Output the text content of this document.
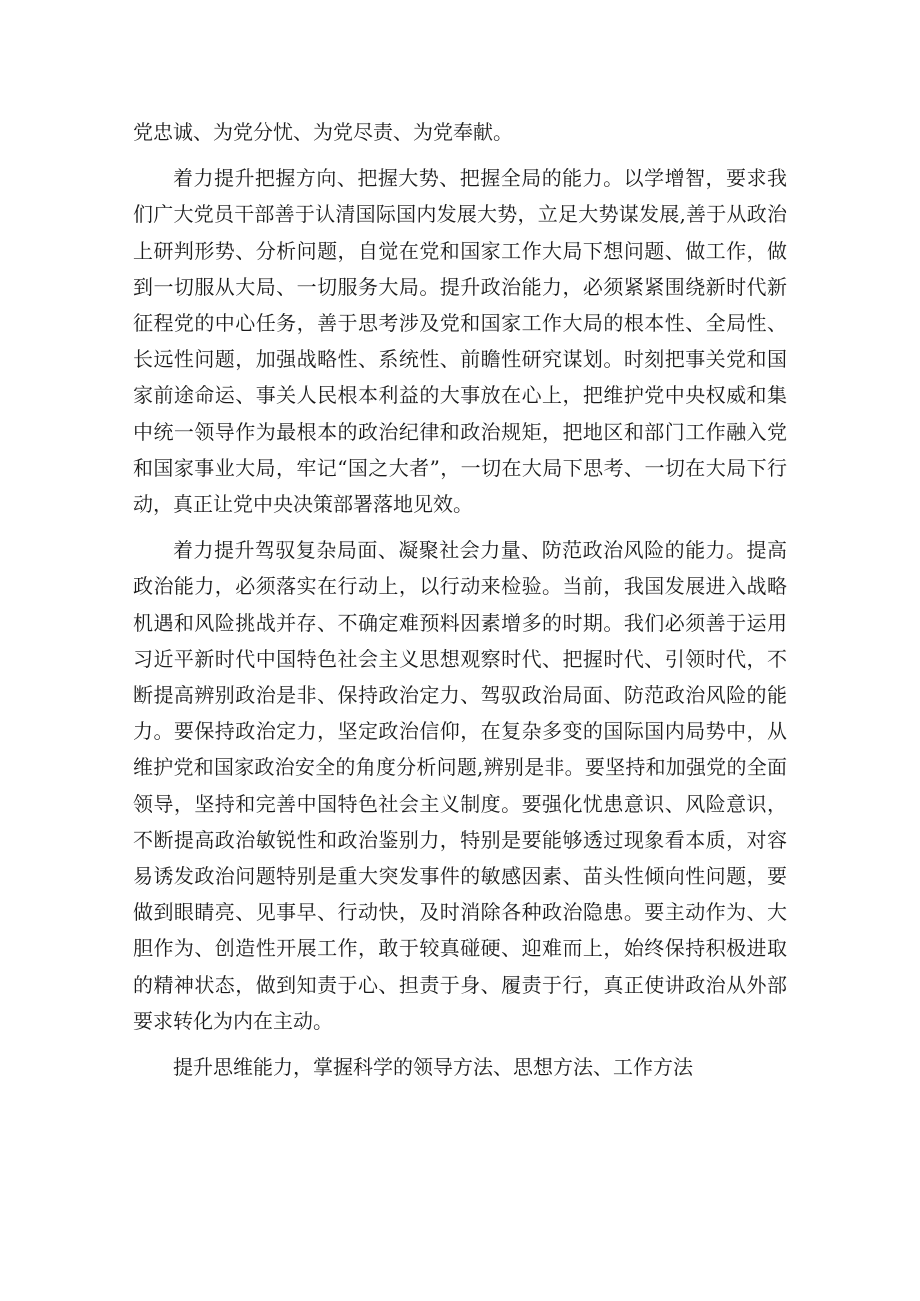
党忠诚、为党分忧、为党尽责、为党奉献。

着力提升把握方向、把握大势、把握全局的能力。以学增智，要求我们广大党员干部善于认清国际国内发展大势，立足大势谋发展,善于从政治上研判形势、分析问题，自觉在党和国家工作大局下想问题、做工作，做到一切服从大局、一切服务大局。提升政治能力，必须紧紧围绕新时代新征程党的中心任务，善于思考涉及党和国家工作大局的根本性、全局性、长远性问题，加强战略性、系统性、前瞻性研究谋划。时刻把事关党和国家前途命运、事关人民根本利益的大事放在心上，把维护党中央权威和集中统一领导作为最根本的政治纪律和政治规矩，把地区和部门工作融入党和国家事业大局，牢记“国之大者”，一切在大局下思考、一切在大局下行动，真正让党中央决策部署落地见效。

着力提升驾驭复杂局面、凝聚社会力量、防范政治风险的能力。提高政治能力，必须落实在行动上，以行动来检验。当前，我国发展进入战略机遇和风险挑战并存、不确定难预料因素增多的时期。我们必须善于运用习近平新时代中国特色社会主义思想观察时代、把握时代、引领时代，不断提高辨别政治是非、保持政治定力、驾驭政治局面、防范政治风险的能力。要保持政治定力，坚定政治信仰，在复杂多变的国际国内局势中，从维护党和国家政治安全的角度分析问题,辨别是非。要坚持和加强党的全面领导，坚持和完善中国特色社会主义制度。要强化忧患意识、风险意识，不断提高政治敏锐性和政治鉴别力，特别是要能够透过现象看本质，对容易诱发政治问题特别是重大突发事件的敏感因素、苗头性倾向性问题，要做到眼睛亮、见事早、行动快，及时消除各种政治隐患。要主动作为、大胆作为、创造性开展工作，敢于较真碰硬、迎难而上，始终保持积极进取的精神状态，做到知责于心、担责于身、履责于行，真正使讲政治从外部要求转化为内在主动。

提升思维能力，掌握科学的领导方法、思想方法、工作方法
